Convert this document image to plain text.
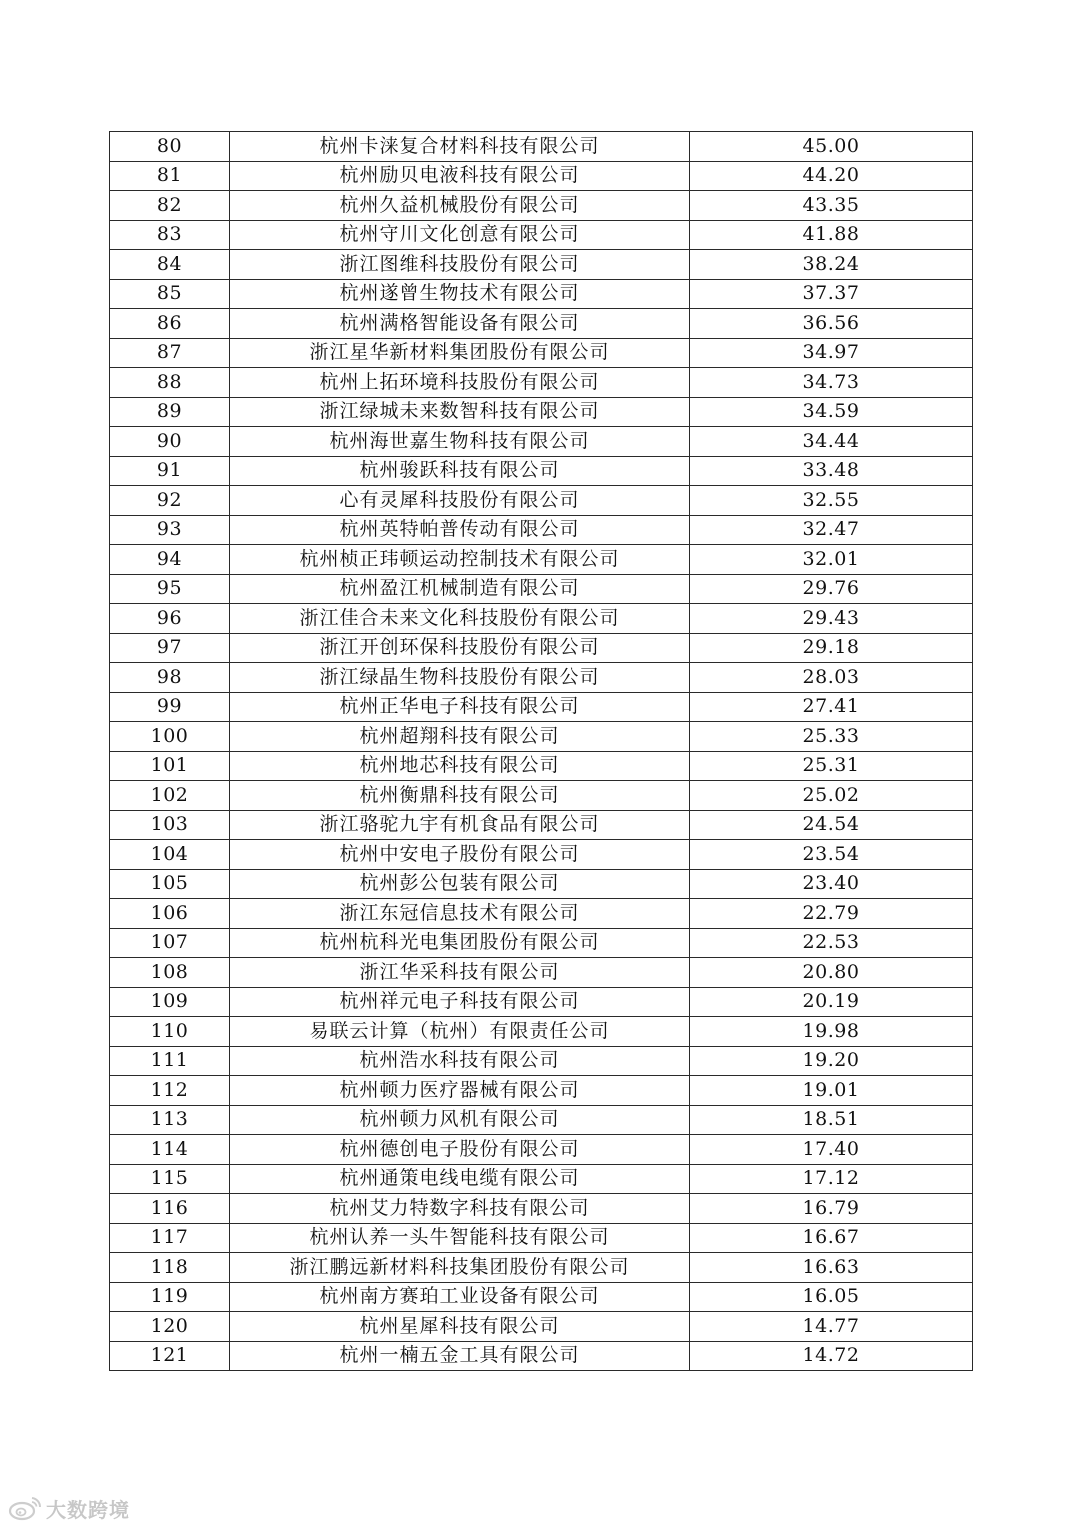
80	杭州卡涞复合材料科技有限公司	45.00
81	杭州励贝电液科技有限公司	44.20
82	杭州久益机械股份有限公司	43.35
83	杭州守川文化创意有限公司	41.88
84	浙江图维科技股份有限公司	38.24
85	杭州遂曾生物技术有限公司	37.37
86	杭州满格智能设备有限公司	36.56
87	浙江星华新材料集团股份有限公司	34.97
88	杭州上拓环境科技股份有限公司	34.73
89	浙江绿城未来数智科技有限公司	34.59
90	杭州海世嘉生物科技有限公司	34.44
91	杭州骏跃科技有限公司	33.48
92	心有灵犀科技股份有限公司	32.55
93	杭州英特帕普传动有限公司	32.47
94	杭州桢正玮顿运动控制技术有限公司	32.01
95	杭州盈江机械制造有限公司	29.76
96	浙江佳合未来文化科技股份有限公司	29.43
97	浙江开创环保科技股份有限公司	29.18
98	浙江绿晶生物科技股份有限公司	28.03
99	杭州正华电子科技有限公司	27.41
100	杭州超翔科技有限公司	25.33
101	杭州地芯科技有限公司	25.31
102	杭州衡鼎科技有限公司	25.02
103	浙江骆驼九宇有机食品有限公司	24.54
104	杭州中安电子股份有限公司	23.54
105	杭州彭公包装有限公司	23.40
106	浙江东冠信息技术有限公司	22.79
107	杭州杭科光电集团股份有限公司	22.53
108	浙江华采科技有限公司	20.80
109	杭州祥元电子科技有限公司	20.19
110	易联云计算（杭州）有限责任公司	19.98
111	杭州浩水科技有限公司	19.20
112	杭州顿力医疗器械有限公司	19.01
113	杭州顿力风机有限公司	18.51
114	杭州德创电子股份有限公司	17.40
115	杭州通策电线电缆有限公司	17.12
116	杭州艾力特数字科技有限公司	16.79
117	杭州认养一头牛智能科技有限公司	16.67
118	浙江鹏远新材料科技集团股份有限公司	16.63
119	杭州南方赛珀工业设备有限公司	16.05
120	杭州星犀科技有限公司	14.77
121	杭州一楠五金工具有限公司	14.72
大数跨境
